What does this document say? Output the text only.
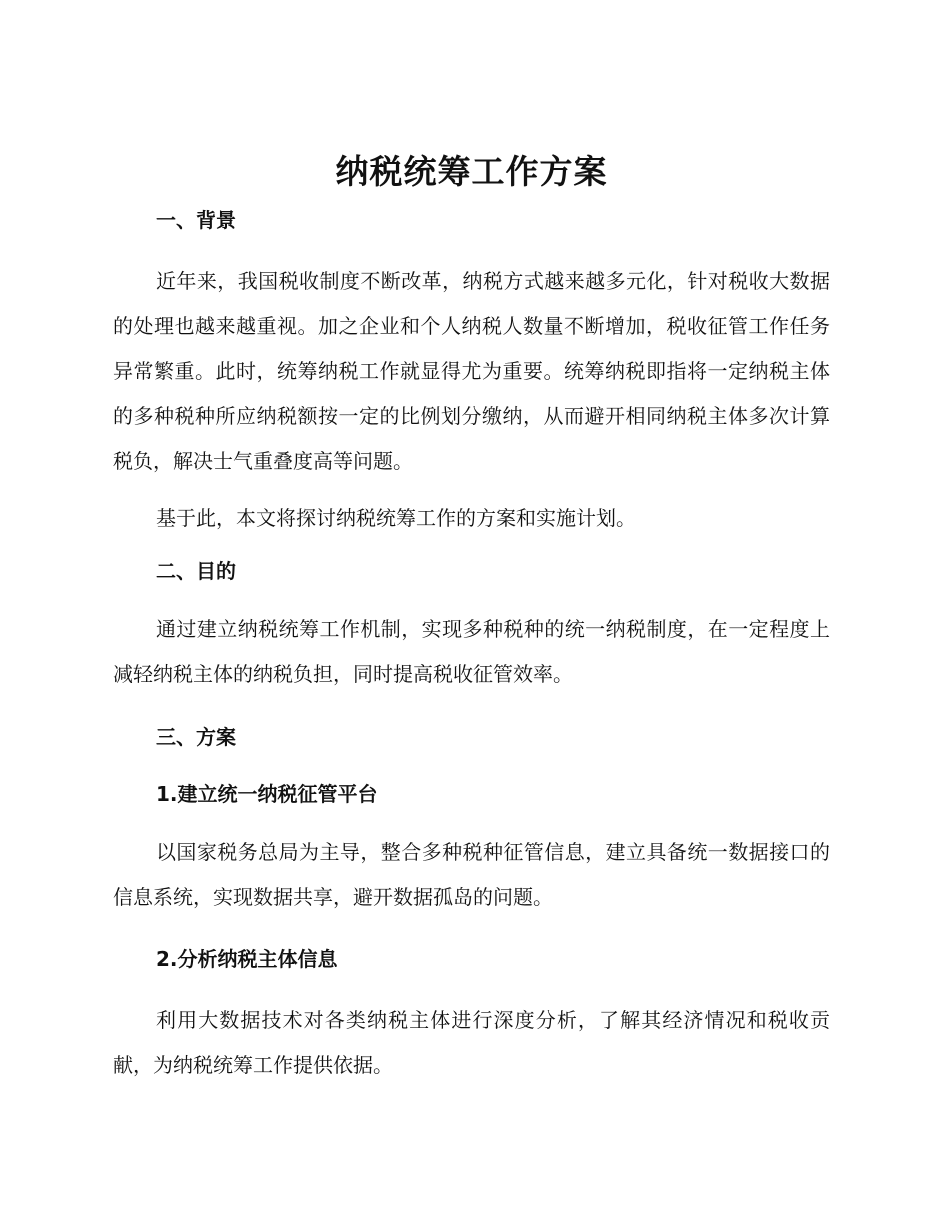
纳税统筹工作方案
一、背景

近年来，我国税收制度不断改革，纳税方式越来越多元化，针对税收大数据的处理也越来越重视。加之企业和个人纳税人数量不断增加，税收征管工作任务异常繁重。此时，统筹纳税工作就显得尤为重要。统筹纳税即指将一定纳税主体的多种税种所应纳税额按一定的比例划分缴纳，从而避开相同纳税主体多次计算税负，解决士气重叠度高等问题。

基于此，本文将探讨纳税统筹工作的方案和实施计划。

二、目的

通过建立纳税统筹工作机制，实现多种税种的统一纳税制度，在一定程度上减轻纳税主体的纳税负担，同时提高税收征管效率。

三、方案
1.建立统一纳税征管平台

以国家税务总局为主导，整合多种税种征管信息，建立具备统一数据接口的信息系统，实现数据共享，避开数据孤岛的问题。

2.分析纳税主体信息

利用大数据技术对各类纳税主体进行深度分析，了解其经济情况和税收贡献，为纳税统筹工作提供依据。
